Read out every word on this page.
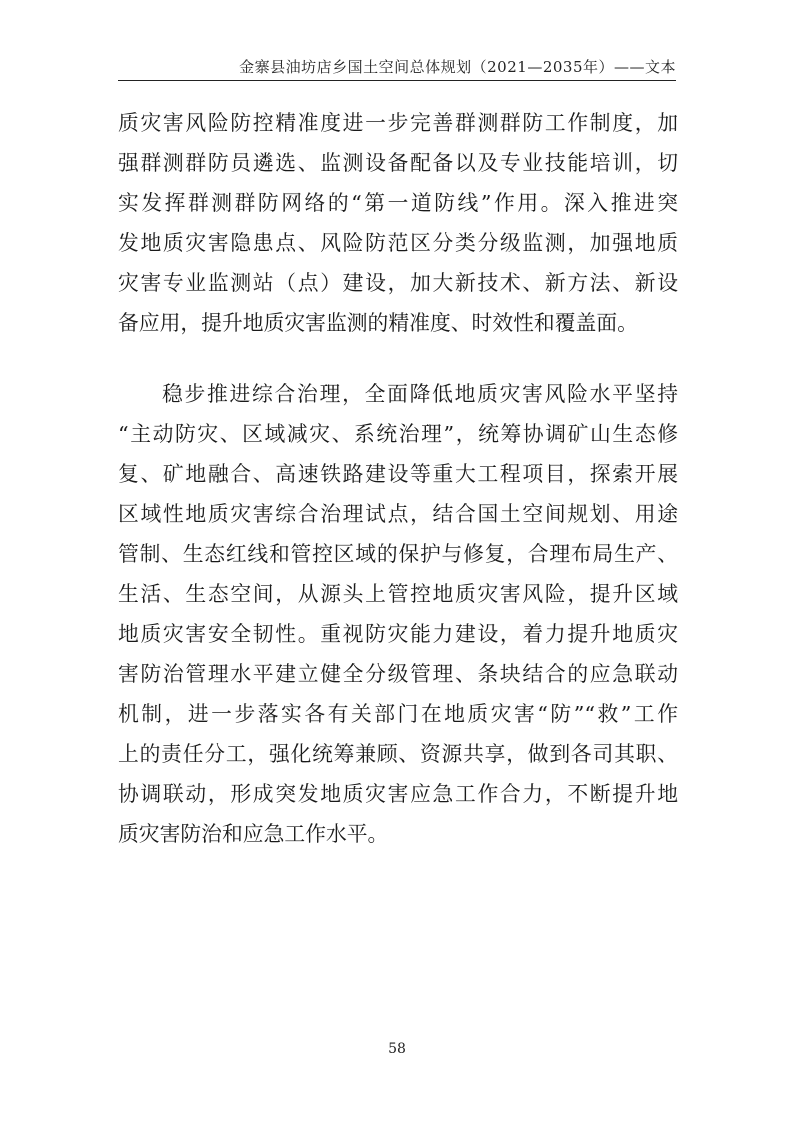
金寨县油坊店乡国土空间总体规划（2021—2035年）——文本
质灾害风险防控精准度进一步完善群测群防工作制度，加
强群测群防员遴选、监测设备配备以及专业技能培训，切
实发挥群测群防网络的“第一道防线”作用。深入推进突
发地质灾害隐患点、风险防范区分类分级监测，加强地质
灾害专业监测站（点）建设，加大新技术、新方法、新设
备应用，提升地质灾害监测的精准度、时效性和覆盖面。
稳步推进综合治理，全面降低地质灾害风险水平坚持
“主动防灾、区域减灾、系统治理”，统筹协调矿山生态修
复、矿地融合、高速铁路建设等重大工程项目，探索开展
区域性地质灾害综合治理试点，结合国土空间规划、用途
管制、生态红线和管控区域的保护与修复，合理布局生产、
生活、生态空间，从源头上管控地质灾害风险，提升区域
地质灾害安全韧性。重视防灾能力建设，着力提升地质灾
害防治管理水平建立健全分级管理、条块结合的应急联动
机制，进一步落实各有关部门在地质灾害“防”“救”工作
上的责任分工，强化统筹兼顾、资源共享，做到各司其职、
协调联动，形成突发地质灾害应急工作合力，不断提升地
质灾害防治和应急工作水平。
58
